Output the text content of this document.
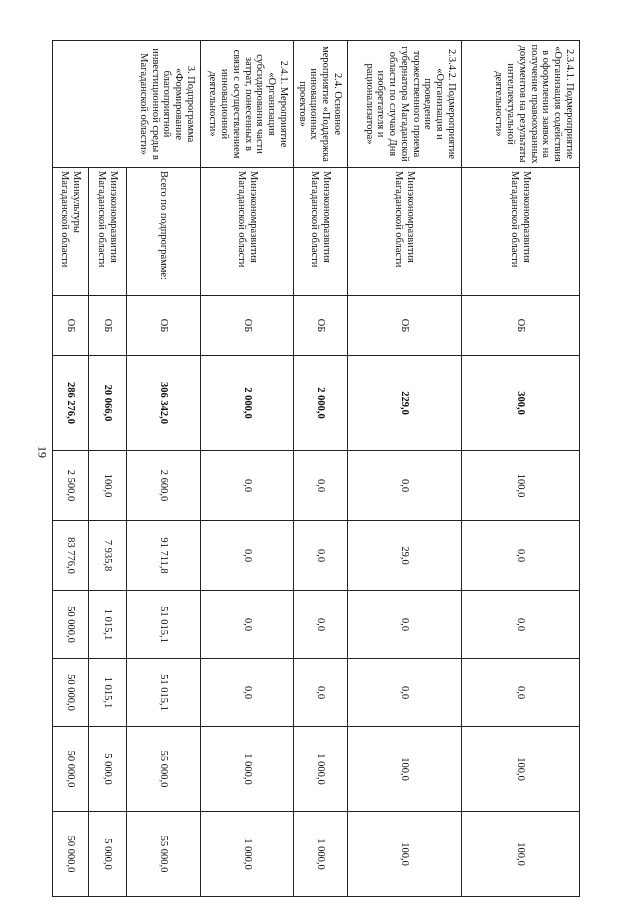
19
2.3.4.1. Подмероприятие «Организация содействия в оформлении заявок на получение правоохранных документов на результаты интеллектуальной деятельности»	Минэкономразвития Магаданской области	ОБ	300,0	100,0	0,0	0,0	0,0	100,0	100,0
2.3.4.2. Подмероприятие «Организация и проведение торжественного приема губернатора Магаданской области по случаю Дня изобретателя и рационализатора»	Минэкономразвития Магаданской области	ОБ	229,0	0,0	29,0	0,0	0,0	100,0	100,0
2.4. Основное мероприятие «Поддержка инновационных проектов»	Минэкономразвития Магаданской области	ОБ	2 000,0	0,0	0,0	0,0	0,0	1 000,0	1 000,0
2.4.1. Мероприятие «Организация субсидирования части затрат, понесенных в связи с осуществлением инновационной деятельности»	Минэкономразвития Магаданской области	ОБ	2 000,0	0,0	0,0	0,0	0,0	1 000,0	1 000,0
3. Подпрограмма «Формирование благоприятной инвестиционной среды в Магаданской области»	Всего по подпрограмме:	ОБ	306 342,0	2 600,0	91 711,8	51 015,1	51 015,1	55 000,0	55 000,0
	Минэкономразвития Магаданской области	ОБ	20 066,0	100,0	7 935,8	1 015,1	1 015,1	5 000,0	5 000,0
	Минкультуры Магаданской области	ОБ	286 276,0	2 500,0	83 776,0	50 000,0	50 000,0	50 000,0	50 000,0
